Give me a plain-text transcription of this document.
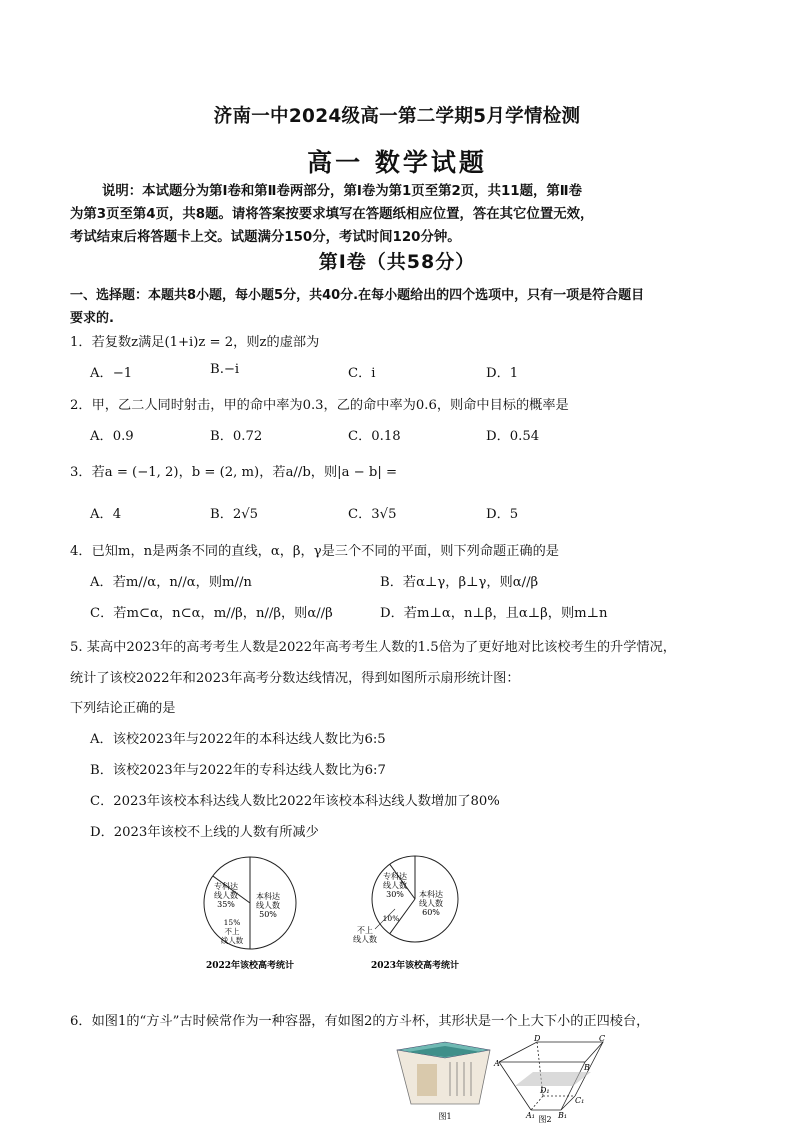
济南一中2024级高一第二学期5月学情检测
高一 数学试题
说明：本试题分为第Ⅰ卷和第Ⅱ卷两部分，第Ⅰ卷为第1页至第2页，共11题，第Ⅱ卷
为第3页至第4页，共8题。请将答案按要求填写在答题纸相应位置，答在其它位置无效，
考试结束后将答题卡上交。试题满分150分，考试时间120分钟。
第Ⅰ卷（共58分）
一、选择题：本题共8小题，每小题5分，共40分.在每小题给出的四个选项中，只有一项是符合题目
要求的.
1．若复数z满足(1+i)z = 2，则z的虚部为
A．−1	B.−i	C．i	D．1
2．甲，乙二人同时射击，甲的命中率为0.3，乙的命中率为0.6，则命中目标的概率是
A．0.9	B．0.72	C．0.18	D．0.54
3．若a = (−1, 2)，b = (2, m)，若a//b，则|a − b| =
A．4	B．2√5	C．3√5	D．5
4．已知m，n是两条不同的直线，α，β，γ是三个不同的平面，则下列命题正确的是
A．若m//α，n//α，则m//n	B．若α⊥γ，β⊥γ，则α//β
C．若m⊂α，n⊂α，m//β，n//β，则α//β	D．若m⊥α，n⊥β，且α⊥β，则m⊥n
5. 某高中2023年的高考考生人数是2022年高考考生人数的1.5倍为了更好地对比该校考生的升学情况，
统计了该校2022年和2023年高考分数达线情况，得到如图所示扇形统计图：
下列结论正确的是
A．该校2023年与2022年的本科达线人数比为6:5
B．该校2023年与2022年的专科达线人数比为6:7
C．2023年该校本科达线人数比2022年该校本科达线人数增加了80%
D．2023年该校不上线的人数有所减少
本科达线人数 50%
专科达线人数 35%
15%不上线人数
2022年该校高考统计
本科达线人数 60%
专科达线人数 30%
10%
不上线人数
2023年该校高考统计
6．如图1的“方斗”古时候常作为一种容器，有如图2的方斗杯，其形状是一个上大下小的正四棱台，
图1
D	C
A	B
D₁
C₁
A₁	B₁
图2
